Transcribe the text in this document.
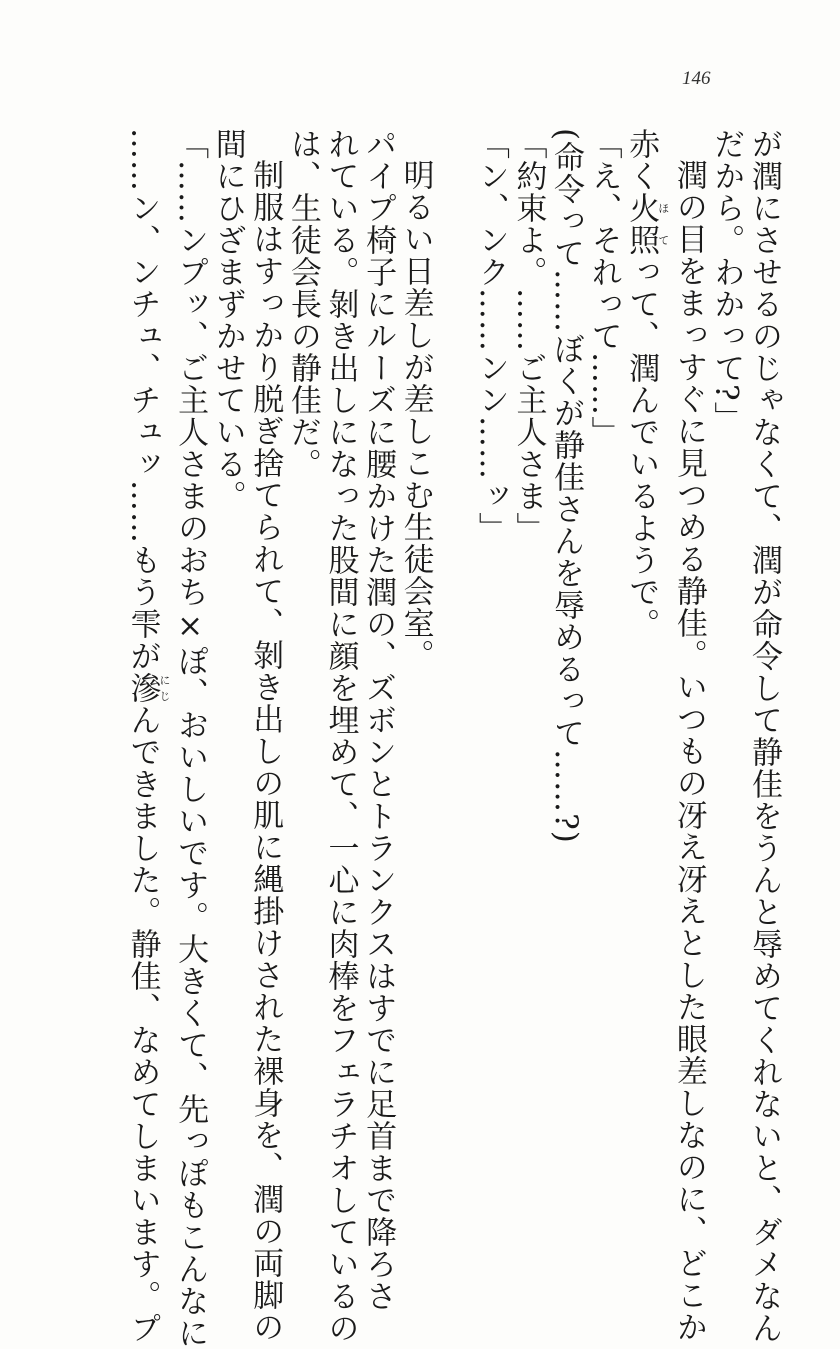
146

が潤にさせるのじゃなくて、潤が命令して静佳をうんと辱めてくれないと、ダメなん

だから。わかって?」

潤の目をまっすぐに見つめる静佳。いつもの冴え冴えとした眼差しなのに、どこか

赤く火照ほてって、潤んでいるようで。

「え、それって……」

(命令って……ぼくが静佳さんを辱めるって……?)

「約束よ。……ご主人さま」

「ン、ンク……ンン……ッ」

明るい日差しが差しこむ生徒会室。

パイプ椅子にルーズに腰かけた潤の、ズボンとトランクスはすでに足首まで降ろさ

れている。剝き出しになった股間に顔を埋めて、一心に肉棒をフェラチオしているの

は、生徒会長の静佳だ。

制服はすっかり脱ぎ捨てられて、剝き出しの肌に縄掛けされた裸身を、潤の両脚の

間にひざまずかせている。

「……ンプッ、ご主人さまのおち×ぽ、おいしいです。大きくて、先っぽもこんなに

……ン、ンチュ、チュッ……もう雫が滲にじんできました。静佳、なめてしまいます。プ
